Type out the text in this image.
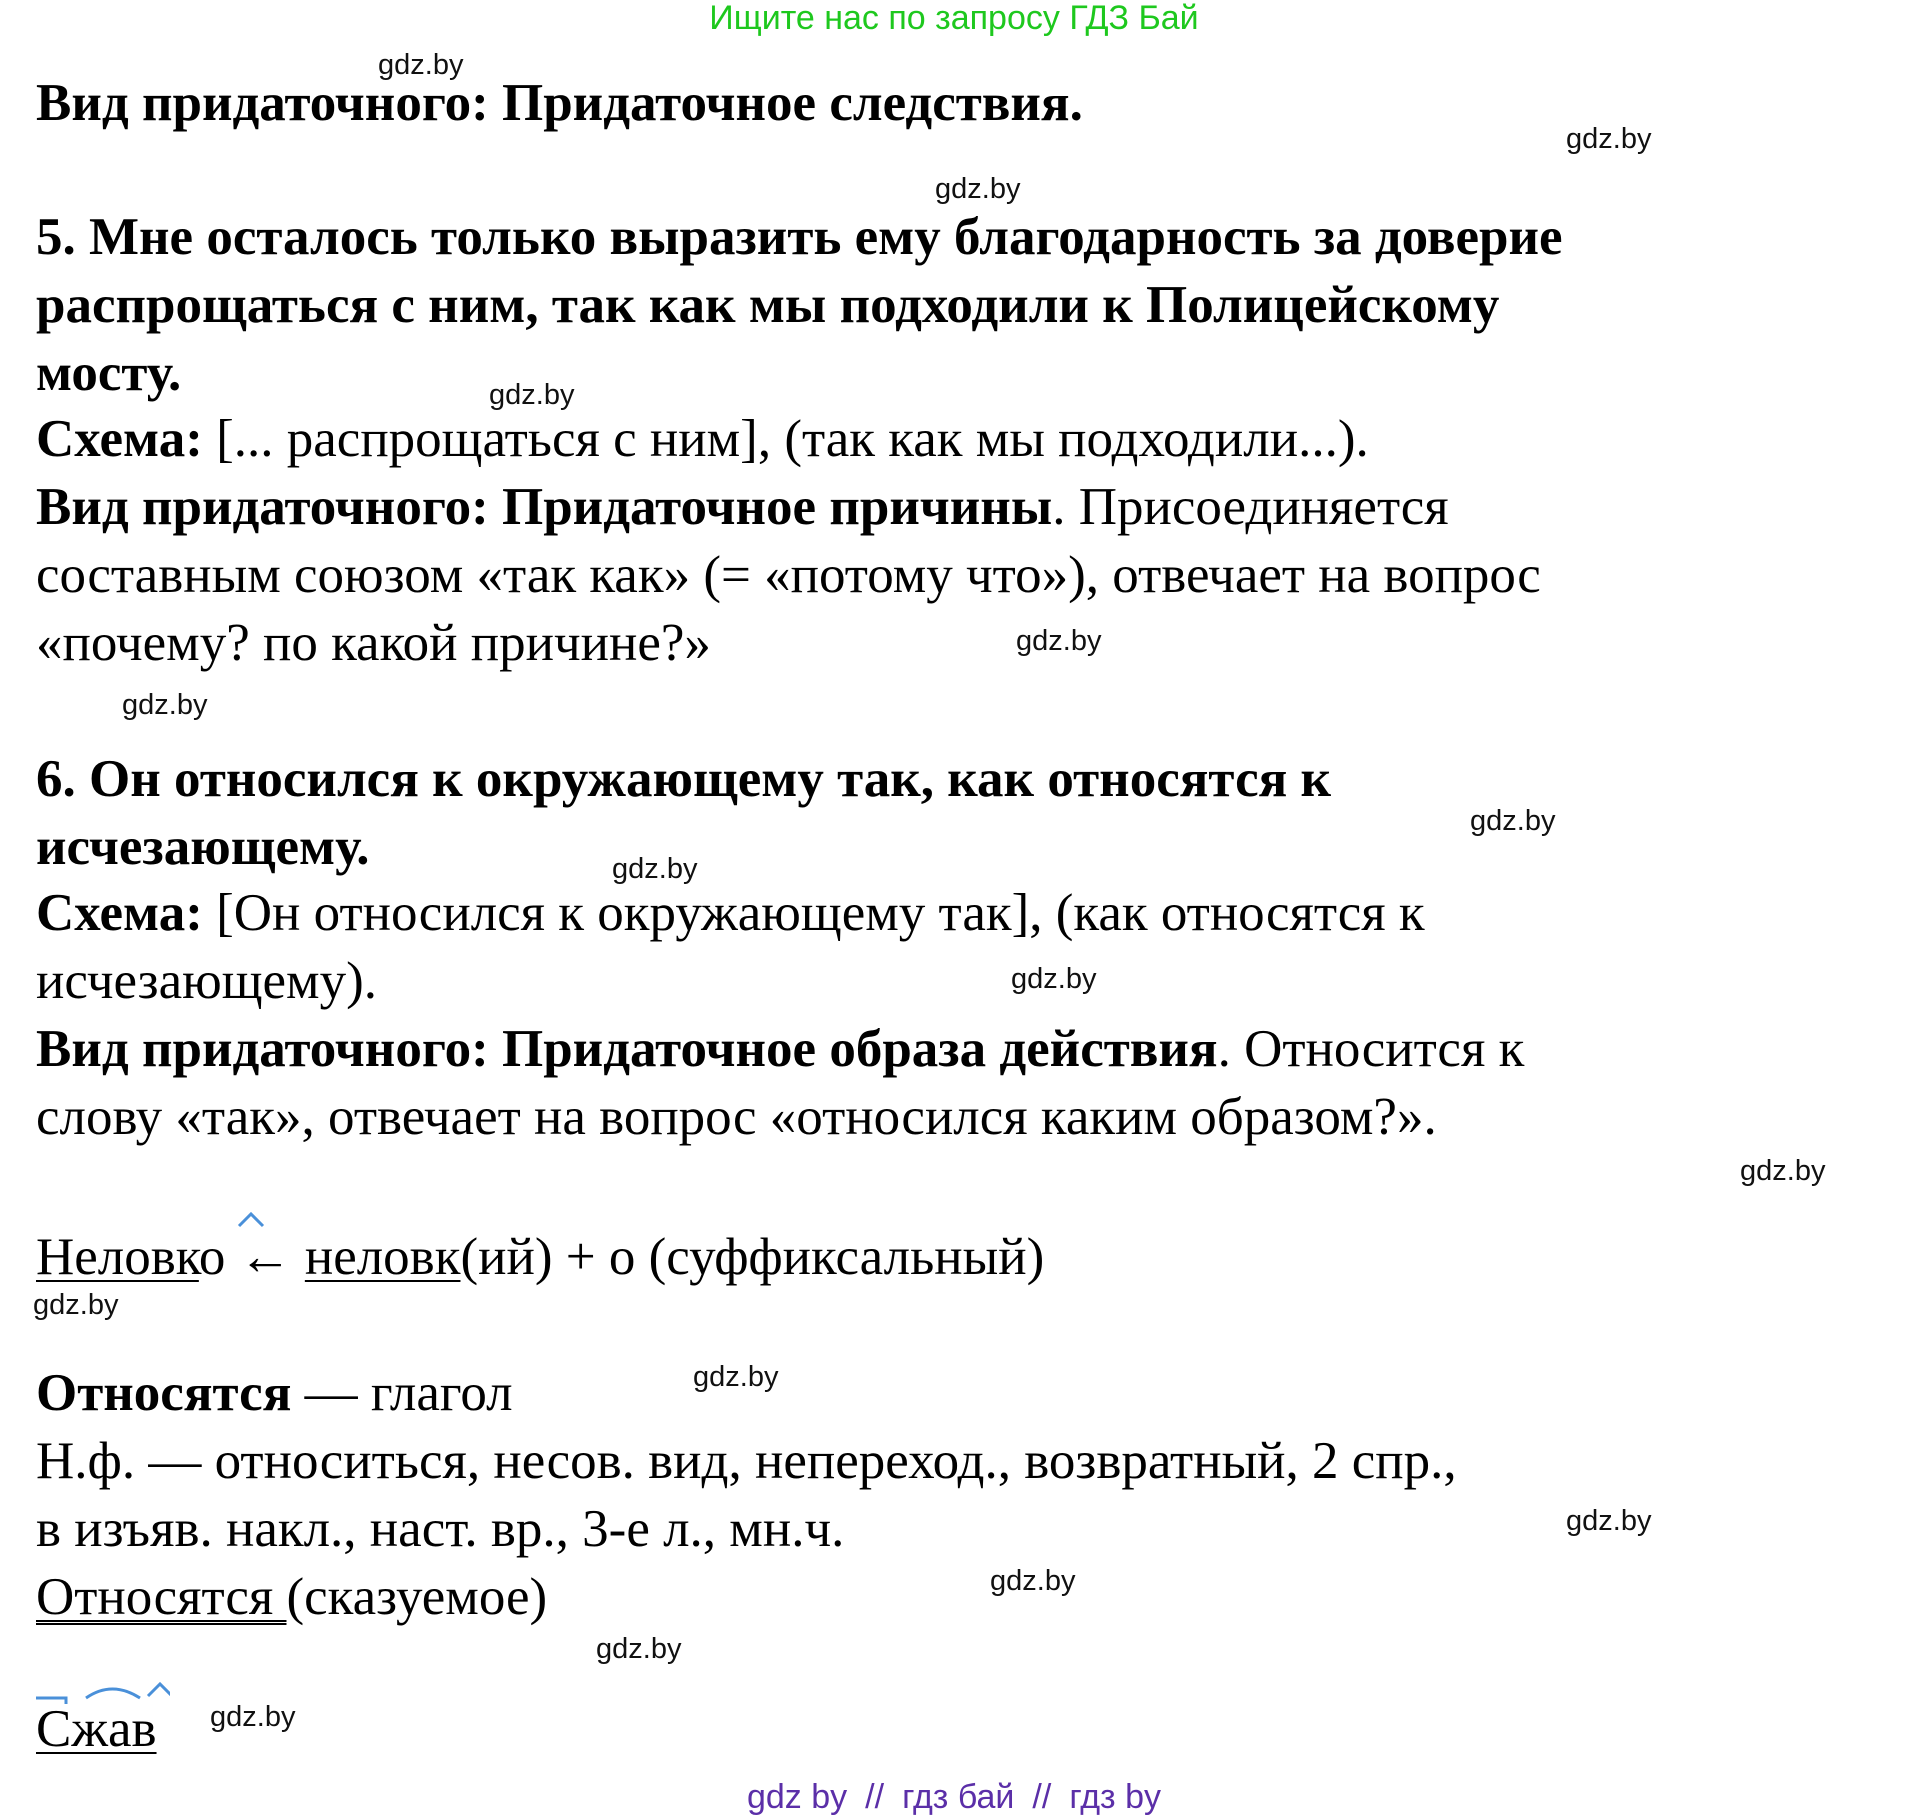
Ищите нас по запросу ГДЗ Бай
gdz.by
gdz.by
gdz.by
gdz.by
gdz.by
gdz.by
gdz.by
gdz.by
gdz.by
gdz.by
gdz.by
gdz.by
gdz.by
gdz.by
gdz.by
gdz.by
Вид придаточного: Придаточное следствия.
5. Мне осталось только выразить ему благодарность за доверие
распрощаться с ним, так как мы подходили к Полицейскому
мосту.
Схема: [... распрощаться с ним], (так как мы подходили...).
Вид придаточного: Придаточное причины. Присоединяется
составным союзом «так как» (= «потому что»), отвечает на вопрос
«почему? по какой причине?»
6. Он относился к окружающему так, как относятся к
исчезающему.
Схема: [Он относился к окружающему так], (как относятся к
исчезающему).
Вид придаточного: Придаточное образа действия. Относится к
слову «так», отвечает на вопрос «относился каким образом?».
Неловко ← неловк(ий) + о (суффиксальный)
Относятся — глагол
Н.ф. — относиться, несов. вид, непереход., возвратный, 2 спр.,
в изъяв. накл., наст. вр., 3-е л., мн.ч.
Относятся (сказуемое)
Сжав
gdz by // гдз бай // гдз by
